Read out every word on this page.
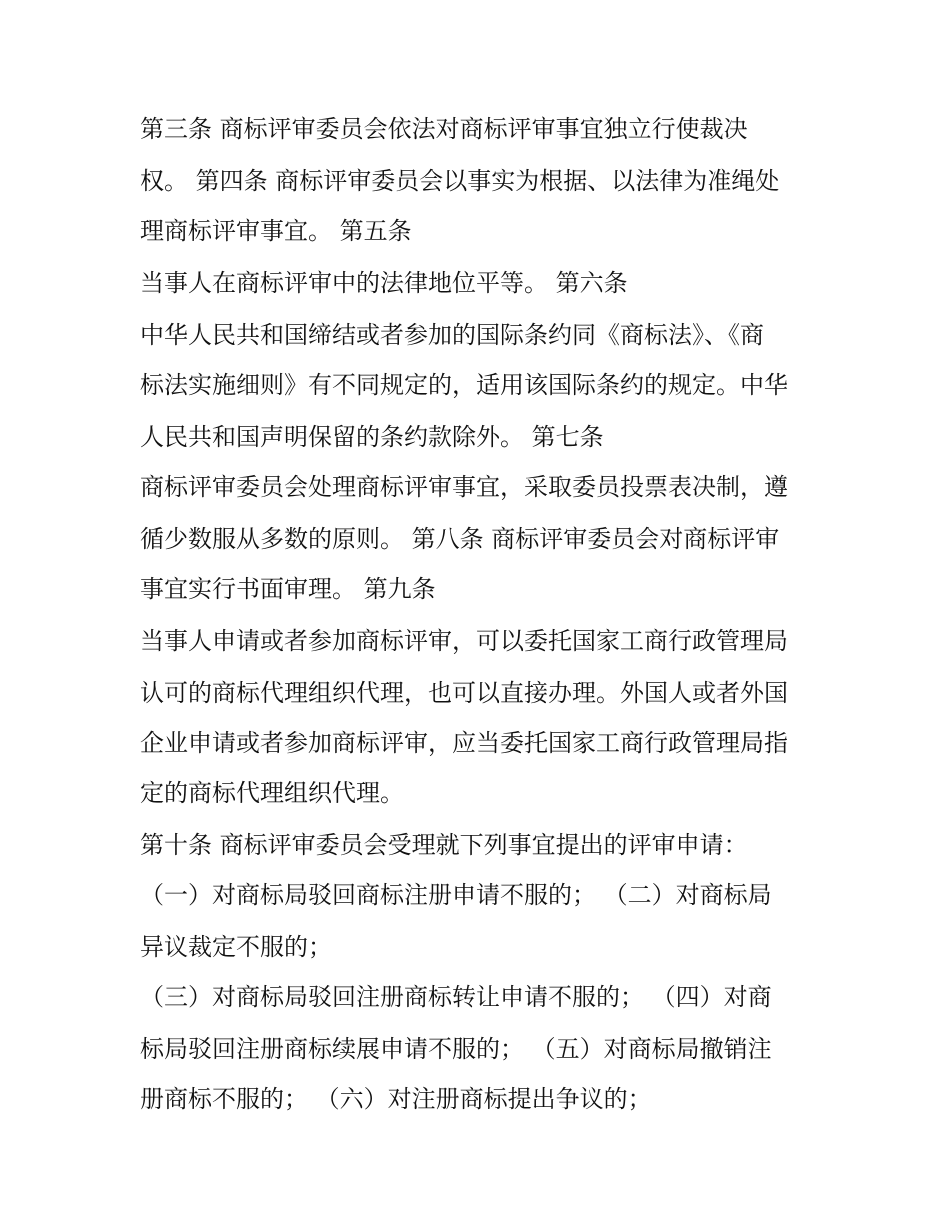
第三条 商标评审委员会依法对商标评审事宜独立行使裁决
权。 第四条 商标评审委员会以事实为根据、以法律为准绳处
理商标评审事宜。 第五条
当事人在商标评审中的法律地位平等。 第六条
中华人民共和国缔结或者参加的国际条约同《商标法》、《商
标法实施细则》有不同规定的，适用该国际条约的规定。中华
人民共和国声明保留的条约款除外。 第七条
商标评审委员会处理商标评审事宜，采取委员投票表决制，遵
循少数服从多数的原则。 第八条 商标评审委员会对商标评审
事宜实行书面审理。 第九条
当事人申请或者参加商标评审，可以委托国家工商行政管理局
认可的商标代理组织代理，也可以直接办理。外国人或者外国
企业申请或者参加商标评审，应当委托国家工商行政管理局指
定的商标代理组织代理。
第十条 商标评审委员会受理就下列事宜提出的评审申请：
（一）对商标局驳回商标注册申请不服的； （二）对商标局
异议裁定不服的；
（三）对商标局驳回注册商标转让申请不服的； （四）对商
标局驳回注册商标续展申请不服的； （五）对商标局撤销注
册商标不服的； （六）对注册商标提出争议的；
